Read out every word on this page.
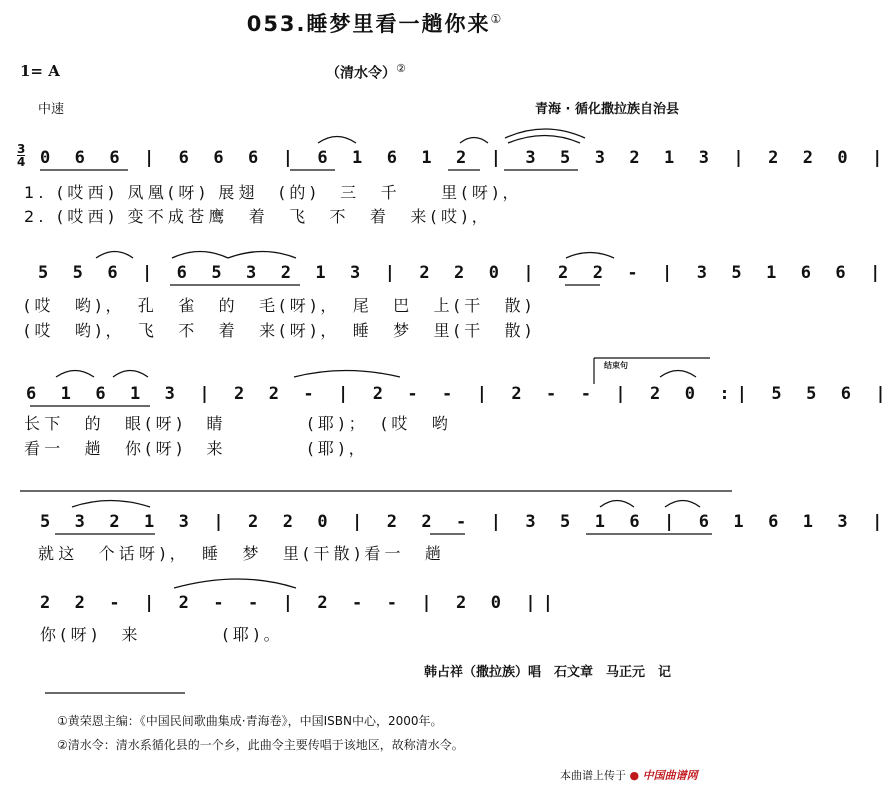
053.睡梦里看一趟你来①
1= A	（清水令）②
中速	青海 · 循化撒拉族自治县
3
4 0 6 6 | 6 6 6 | 6 1 6 1 2 | 3 5 3 2 1 3 | 2 2 0 |
1. (哎西) 凤凰(呀) 展翅　(的)　三　千　　里(呀)，
2. (哎西) 变不成苍鹰　着　飞　不　着　来(哎)，
5 5 6 | 6 5 3 2 1 3 | 2 2 0 | 2 2 - | 3 5 1 6 6 |
(哎　哟)，　孔　雀　的　毛(呀)，　尾　巴　上(干　散)
(哎　哟)，　飞　不　着　来(呀)，　睡　梦　里(干　散)
结束句
6 1 6 1 3 | 2 2 - | 2 - - | 2 - - | 2 0 :| 5 5 6 |
长下　的　眼(呀)　睛　　　　(耶)；　(哎　哟
看一　趟　你(呀)　来　　　　(耶)，
5 3 2 1 3 | 2 2 0 | 2 2 - | 3 5 1 6 | 6 1 6 1 3 |
就这　个话呀)，　睡　梦　里(干散)看一　趟
2 2 - | 2 - - | 2 - - | 2 0 ||
你(呀)　来　　　　(耶)。
韩占祥（撒拉族）唱　石文章　马正元　记
①黄荣恩主编：《中国民间歌曲集成·青海卷》，中国ISBN中心，2000年。
②清水令：清水系循化县的一个乡，此曲令主要传唱于该地区，故称清水令。
本曲谱上传于 ● 中国曲谱网
